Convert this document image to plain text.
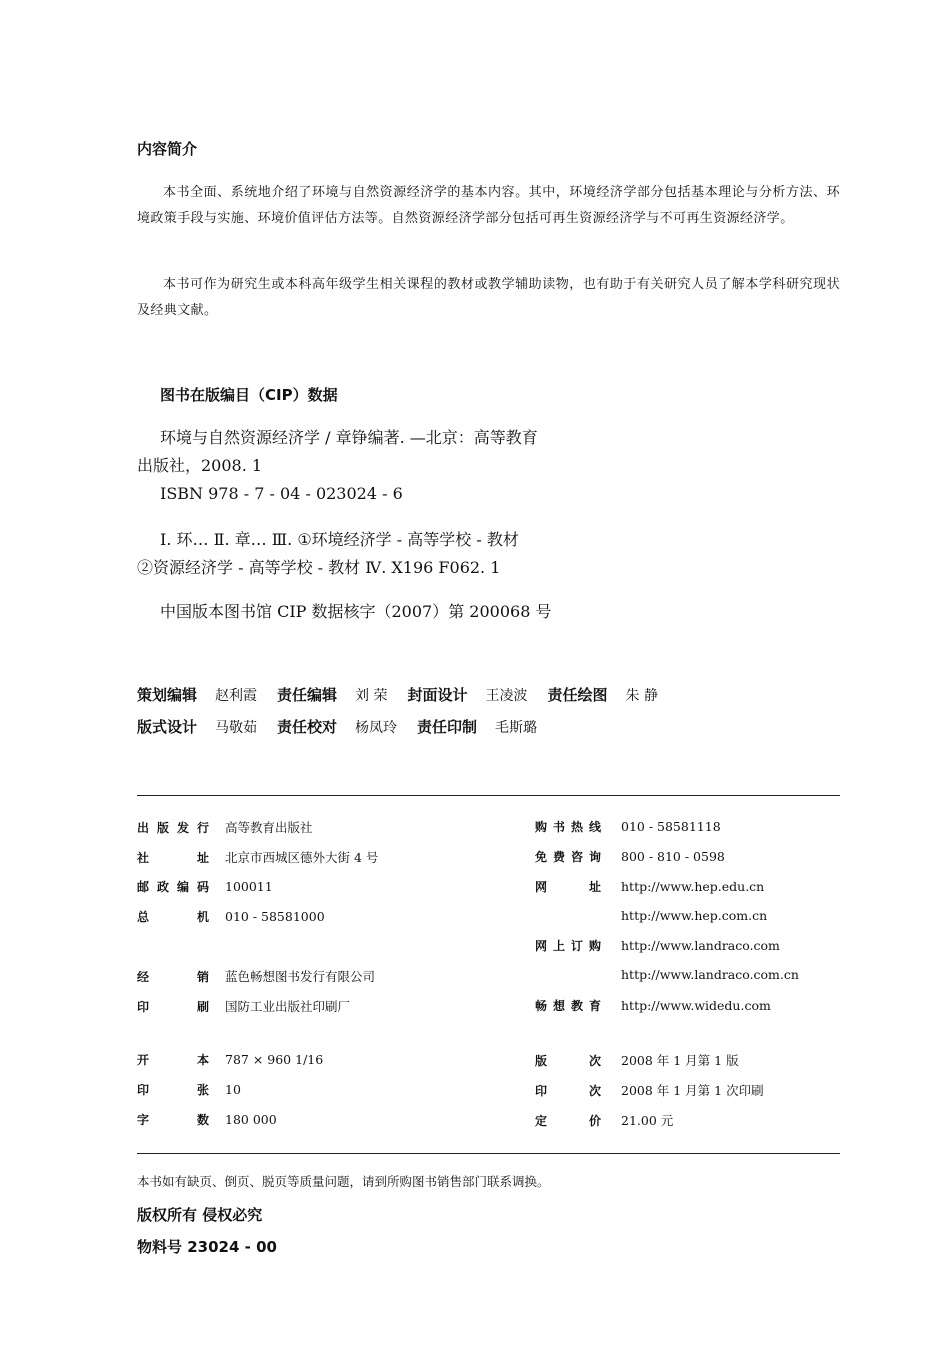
内容简介
本书全面、系统地介绍了环境与自然资源经济学的基本内容。其中，环境经济学部分包括基本理论与分析方法、环境政策手段与实施、环境价值评估方法等。自然资源经济学部分包括可再生资源经济学与不可再生资源经济学。
本书可作为研究生或本科高年级学生相关课程的教材或教学辅助读物，也有助于有关研究人员了解本学科研究现状及经典文献。
图书在版编目（CIP）数据
环境与自然资源经济学 / 章铮编著. —北京：高等教育
出版社，2008. 1
ISBN 978 - 7 - 04 - 023024 - 6
Ⅰ. 环… Ⅱ. 章… Ⅲ. ①环境经济学 - 高等学校 - 教材
②资源经济学 - 高等学校 - 教材 Ⅳ. X196 F062. 1
中国版本图书馆 CIP 数据核字（2007）第 200068 号
策划编辑 赵利霞 责任编辑 刘 荣 封面设计 王凌波 责任绘图 朱 静
版式设计 马敬茹 责任校对 杨凤玲 责任印制 毛斯璐
出版发行 高等教育出版社
社址 北京市西城区德外大街 4 号
邮政编码 100011
总机 010 - 58581000
经销 蓝色畅想图书发行有限公司
印刷 国防工业出版社印刷厂
开本 787 × 960 1/16
印张 10
字数 180 000
购书热线 010 - 58581118
免费咨询 800 - 810 - 0598
网址 http://www.hep.edu.cn
http://www.hep.com.cn
网上订购 http://www.landraco.com
http://www.landraco.com.cn
畅想教育 http://www.widedu.com
版次 2008 年 1 月第 1 版
印次 2008 年 1 月第 1 次印刷
定价 21.00 元
本书如有缺页、倒页、脱页等质量问题，请到所购图书销售部门联系调换。
版权所有 侵权必究
物料号 23024 - 00
